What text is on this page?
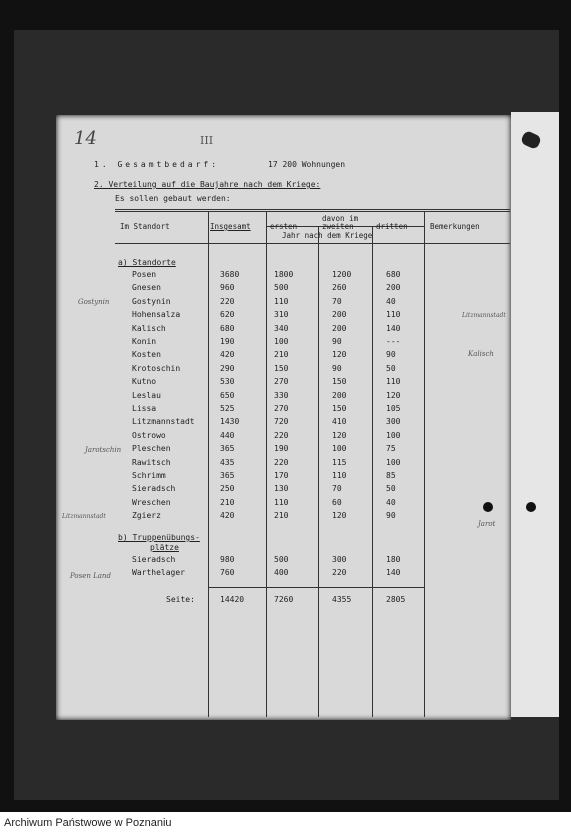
14	III
1. Gesamtbedarf:	17 200 Wohnungen
2. Verteilung auf die Baujahre nach dem Kriege:
Es sollen gebaut werden:
Im Standort	Insgesamt
davon im
ersten	zweiten	dritten
Jahr nach dem Kriege
Bemerkungen
a) Standorte
Posen	3680	1800	1200	680
Gnesen	960	500	260	200
Gostynin	220	110	70	40
Hohensalza	620	310	200	110
Kalisch	680	340	200	140
Konin	190	100	90	---
Kosten	420	210	120	90
Krotoschin	290	150	90	50
Kutno	530	270	150	110
Leslau	650	330	200	120
Lissa	525	270	150	105
Litzmannstadt	1430	720	410	300
Ostrowo	440	220	120	100
Pleschen	365	190	100	75
Rawitsch	435	220	115	100
Schrimm	365	170	110	85
Sieradsch	250	130	70	50
Wreschen	210	110	60	40
Zgierz	420	210	120	90
b) Truppenübungs-
plätze
Sieradsch	980	500	300	180
Warthelager	760	400	220	140
Seite:	14420	7260	4355	2805
Gostynin
Jarotschin
Litzmannstadt
Posen Land
Litzmannstadt
Kalisch
Jarot
Archiwum Państwowe w Poznaniu
